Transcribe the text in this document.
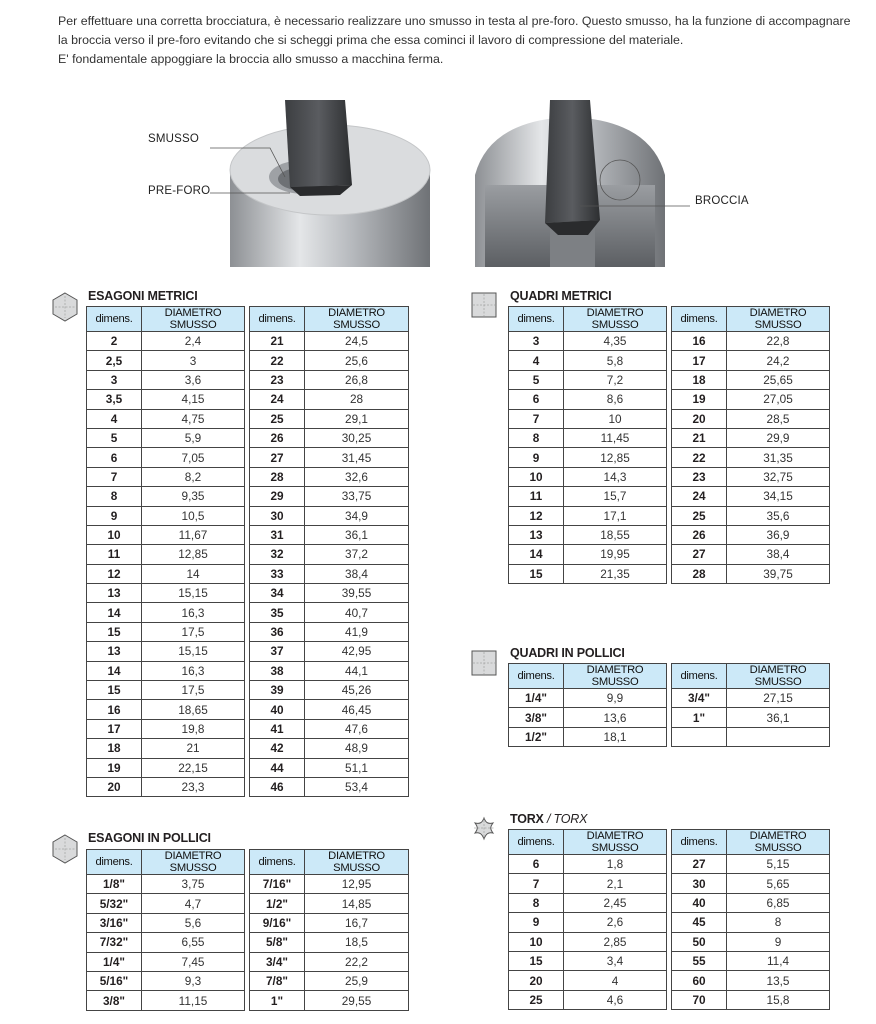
Per effettuare una corretta brocciatura, è necessario realizzare uno smusso in testa al pre-foro. Questo smusso, ha la funzione di accompagnare

la broccia verso il pre-foro evitando che si scheggi prima che essa cominci il lavoro di compressione del materiale.

E' fondamentale appoggiare la broccia allo smusso a macchina ferma.

SMUSSO
PRE-FORO
BROCCIA
ESAGONI METRICI
dimens.	DIAMETRO SMUSSO
2	2,4
2,5	3
3	3,6
3,5	4,15
4	4,75
5	5,9
6	7,05
7	8,2
8	9,35
9	10,5
10	11,67
11	12,85
12	14
13	15,15
14	16,3
15	17,5
13	15,15
14	16,3
15	17,5
16	18,65
17	19,8
18	21
19	22,15
20	23,3
dimens.	DIAMETRO SMUSSO
21	24,5
22	25,6
23	26,8
24	28
25	29,1
26	30,25
27	31,45
28	32,6
29	33,75
30	34,9
31	36,1
32	37,2
33	38,4
34	39,55
35	40,7
36	41,9
37	42,95
38	44,1
39	45,26
40	46,45
41	47,6
42	48,9
44	51,1
46	53,4
QUADRI METRICI
dimens.	DIAMETRO SMUSSO
3	4,35
4	5,8
5	7,2
6	8,6
7	10
8	11,45
9	12,85
10	14,3
11	15,7
12	17,1
13	18,55
14	19,95
15	21,35
dimens.	DIAMETRO SMUSSO
16	22,8
17	24,2
18	25,65
19	27,05
20	28,5
21	29,9
22	31,35
23	32,75
24	34,15
25	35,6
26	36,9
27	38,4
28	39,75
QUADRI IN POLLICI
dimens.	DIAMETRO SMUSSO
1/4"	9,9
3/8"	13,6
1/2"	18,1
dimens.	DIAMETRO SMUSSO
3/4"	27,15
1"	36,1

ESAGONI IN POLLICI
dimens.	DIAMETRO SMUSSO
1/8"	3,75
5/32"	4,7
3/16"	5,6
7/32"	6,55
1/4"	7,45
5/16"	9,3
3/8"	11,15
dimens.	DIAMETRO SMUSSO
7/16"	12,95
1/2"	14,85
9/16"	16,7
5/8"	18,5
3/4"	22,2
7/8"	25,9
1"	29,55
TORX / TORX
dimens.	DIAMETRO SMUSSO
6	1,8
7	2,1
8	2,45
9	2,6
10	2,85
15	3,4
20	4
25	4,6
dimens.	DIAMETRO SMUSSO
27	5,15
30	5,65
40	6,85
45	8
50	9
55	11,4
60	13,5
70	15,8
